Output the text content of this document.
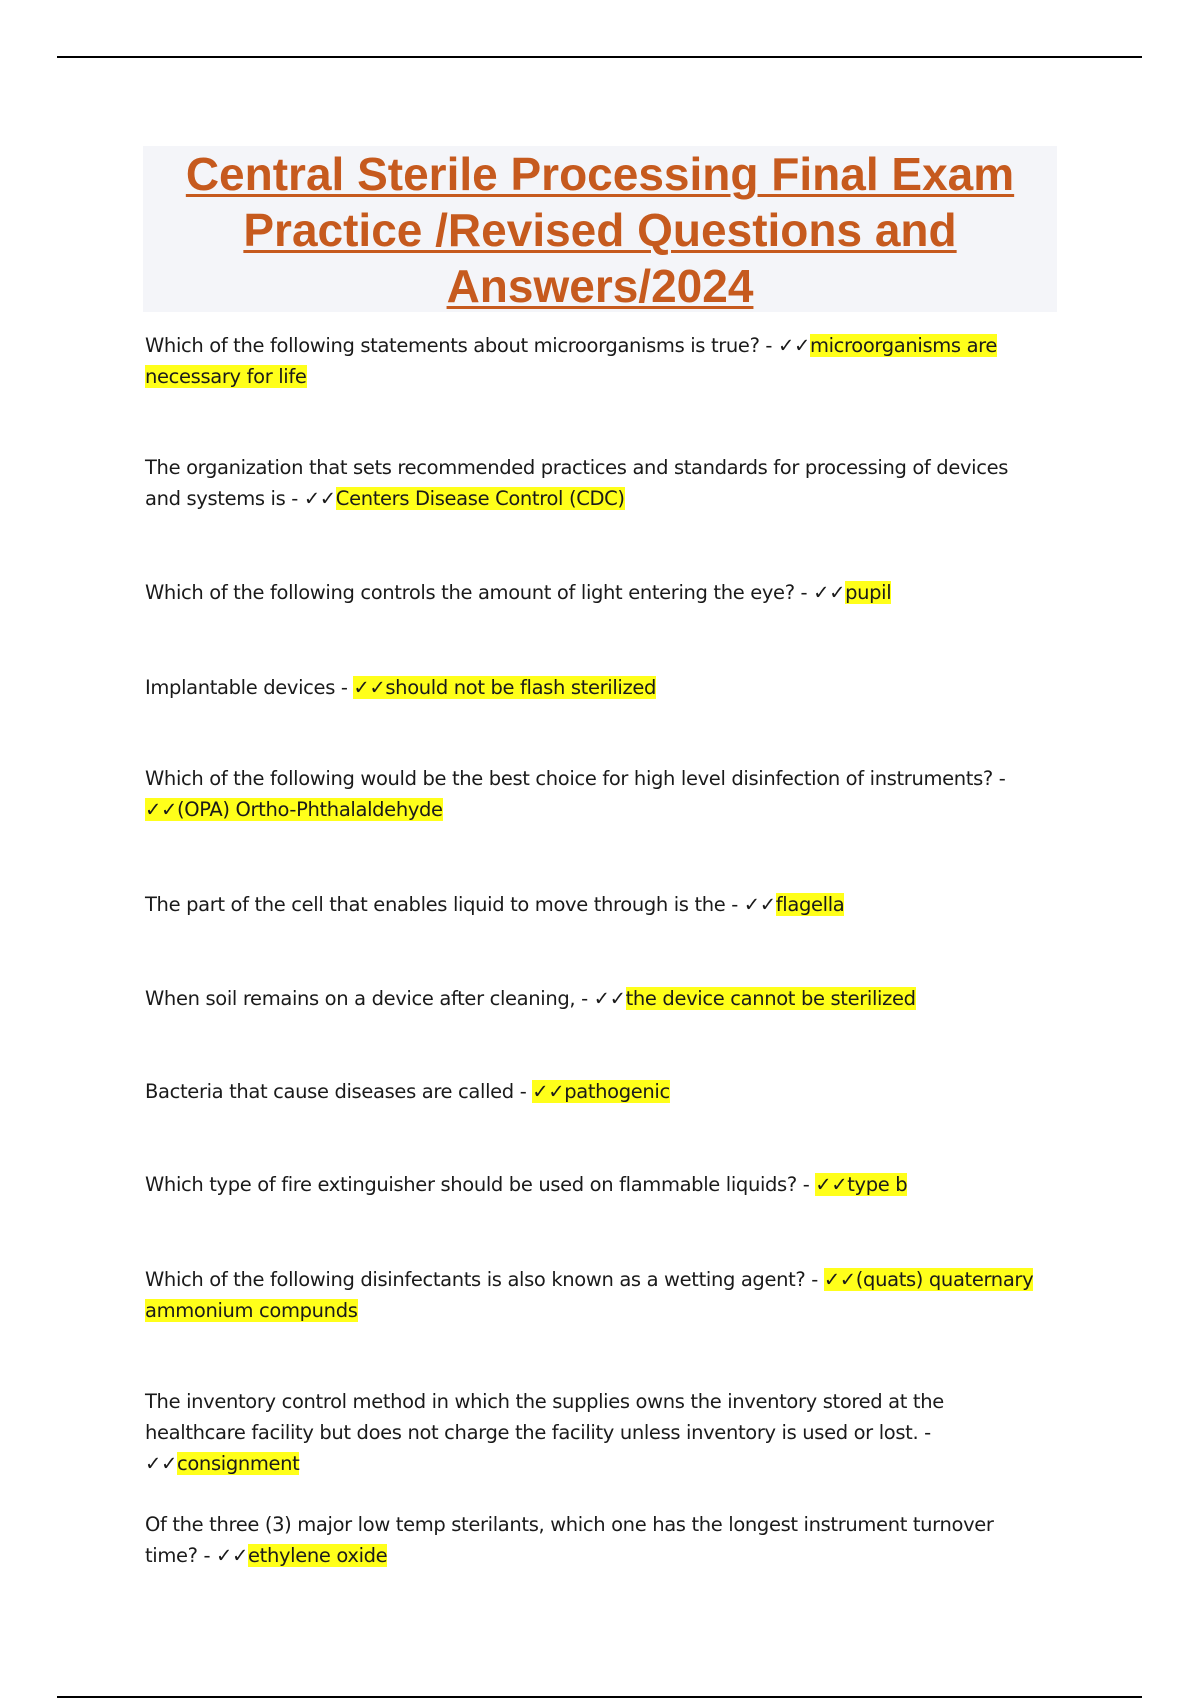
Central Sterile Processing Final Exam Practice /Revised Questions and Answers/2024

Which of the following statements about microorganisms is true? - ✓✓microorganisms are necessary for life

The organization that sets recommended practices and standards for processing of devices and systems is - ✓✓Centers Disease Control (CDC)

Which of the following controls the amount of light entering the eye? - ✓✓pupil

Implantable devices - ✓✓should not be flash sterilized

Which of the following would be the best choice for high level disinfection of instruments? - ✓✓(OPA) Ortho-Phthalaldehyde

The part of the cell that enables liquid to move through is the - ✓✓flagella

When soil remains on a device after cleaning, - ✓✓the device cannot be sterilized

Bacteria that cause diseases are called - ✓✓pathogenic

Which type of fire extinguisher should be used on flammable liquids? - ✓✓type b

Which of the following disinfectants is also known as a wetting agent? - ✓✓(quats) quaternary ammonium compunds

The inventory control method in which the supplies owns the inventory stored at the healthcare facility but does not charge the facility unless inventory is used or lost. - ✓✓consignment

Of the three (3) major low temp sterilants, which one has the longest instrument turnover time? - ✓✓ethylene oxide
